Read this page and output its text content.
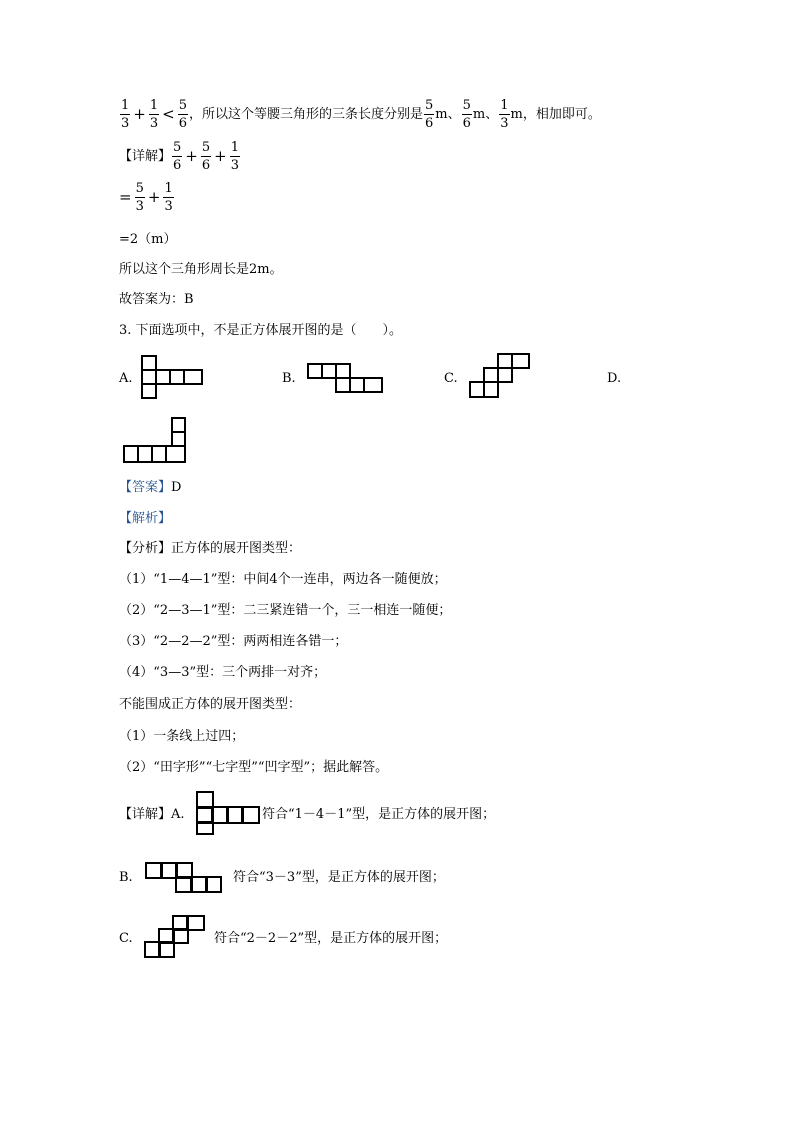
$\frac{1}{3} + \frac{1}{3} < \frac{5}{6}$ ，所以这个等腰三角形的三条长度分别是 $\frac{5}{6}$ m、 $\frac{5}{6}$ m、 $\frac{1}{3}$ m，相加即可。
【详解】 $\frac{5}{6} + \frac{5}{6} + \frac{1}{3}$
= $\frac{5}{3} + \frac{1}{3}$
=2（m）
所以这个三角形周长是2m。
故答案为：B
3. 下面选项中，不是正方体展开图的是（　　）。
A.	B.	C.	D.
【答案】D
【解析】
【分析】正方体的展开图类型：
（1）“1—4—1”型：中间4个一连串，两边各一随便放；
（2）“2—3—1”型：二三紧连错一个，三一相连一随便；
（3）“2—2—2”型：两两相连各错一；
（4）“3—3”型：三个两排一对齐；
不能围成正方体的展开图类型：
（1）一条线上过四；
（2）“田字形”“七字型”“凹字型”；据此解答。
【详解】A.	符合“1－4－1”型，是正方体的展开图；
B.	符合“3－3”型，是正方体的展开图；
C.	符合“2－2－2”型，是正方体的展开图；
